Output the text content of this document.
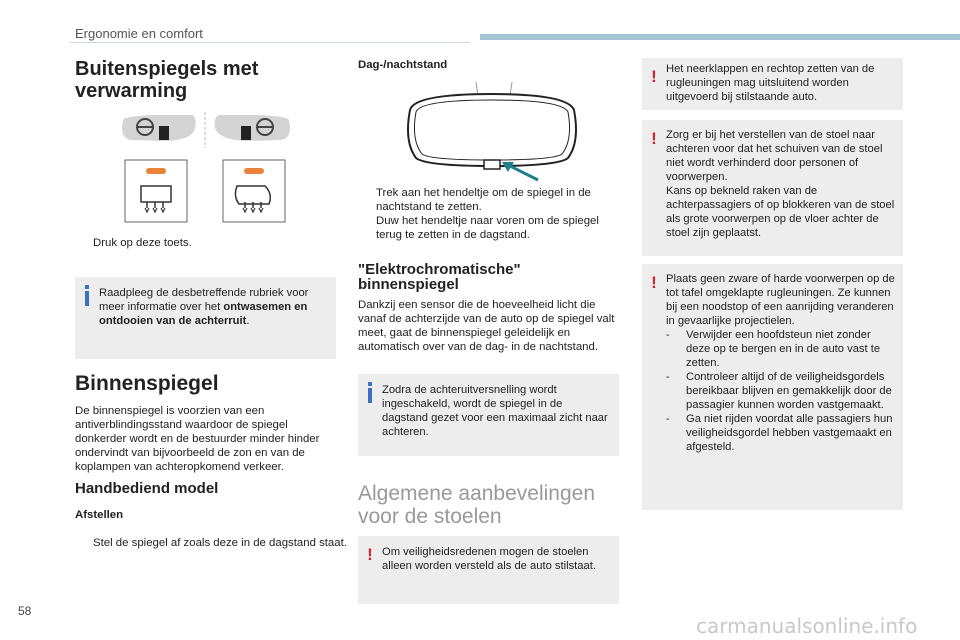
Ergonomie en comfort
Buitenspiegels met verwarming
Druk op deze toets.
Raadpleeg de desbetreffende rubriek voor meer informatie over het ontwasemen en ontdooien van de achterruit.
Binnenspiegel
De binnenspiegel is voorzien van een antiverblindingsstand waardoor de spiegel donkerder wordt en de bestuurder minder hinder ondervindt van bijvoorbeeld de zon en van de koplampen van achteropkomend verkeer.
Handbediend model
Afstellen
Stel de spiegel af zoals deze in de dagstand staat.
Dag-/nachtstand
Trek aan het hendeltje om de spiegel in de nachtstand te zetten.
Duw het hendeltje naar voren om de spiegel terug te zetten in de dagstand.
"Elektrochromatische"
binnenspiegel
Dankzij een sensor die de hoeveelheid licht die vanaf de achterzijde van de auto op de spiegel valt meet, gaat de binnenspiegel geleidelijk en automatisch over van de dag- in de nachtstand.
Zodra de achteruitversnelling wordt ingeschakeld, wordt de spiegel in de dagstand gezet voor een maximaal zicht naar achteren.
Algemene aanbevelingen
voor de stoelen
! Om veiligheidsredenen mogen de stoelen alleen worden versteld als de auto stilstaat.
! Het neerklappen en rechtop zetten van de rugleuningen mag uitsluitend worden uitgevoerd bij stilstaande auto.
! Zorg er bij het verstellen van de stoel naar achteren voor dat het schuiven van de stoel niet wordt verhinderd door personen of voorwerpen.
Kans op bekneld raken van de achterpassagiers of op blokkeren van de stoel als grote voorwerpen op de vloer achter de stoel zijn geplaatst.
! Plaats geen zware of harde voorwerpen op de tot tafel omgeklapte rugleuningen. Ze kunnen bij een noodstop of een aanrijding veranderen in gevaarlijke projectielen.
- Verwijder een hoofdsteun niet zonder deze op te bergen en in de auto vast te zetten.
- Controleer altijd of de veiligheidsgordels bereikbaar blijven en gemakkelijk door de passagier kunnen worden vastgemaakt.
- Ga niet rijden voordat alle passagiers hun veiligheidsgordel hebben vastgemaakt en afgesteld.
58
carmanualsonline.info
